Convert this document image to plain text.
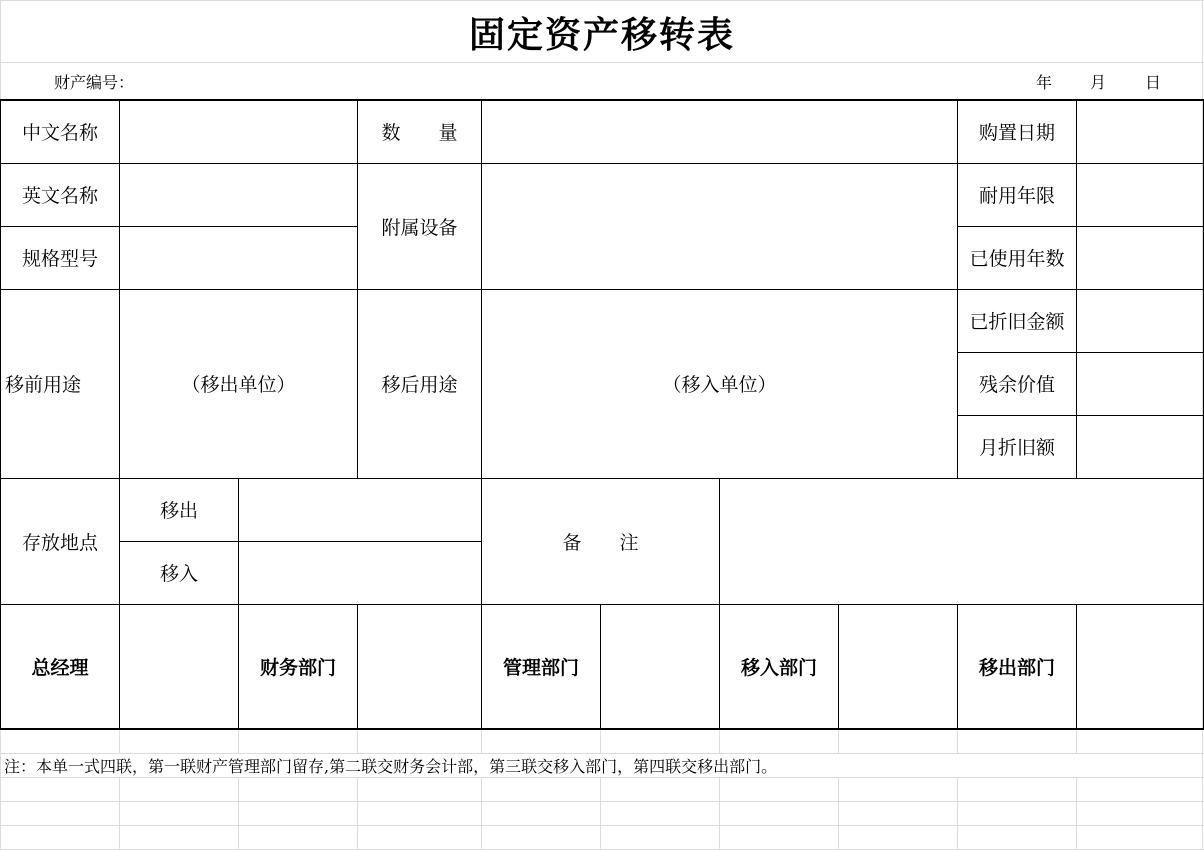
固定资产移转表
财产编号：	年 月 日
中文名称			数　　量					购置日期	
英文名称			附属设备					耐用年限	
规格型号								已使用年数	
移前用途	（移出单位）		移后用途	（移入单位）				已折旧金额	
								残余价值	
								月折旧额	
存放地点	移出			备　　注					
	移入								
总经理		财务部门		管理部门		移入部门		移出部门	
注：本单一式四联，第一联财产管理部门留存,第二联交财务会计部，第三联交移入部门，第四联交移出部门。
